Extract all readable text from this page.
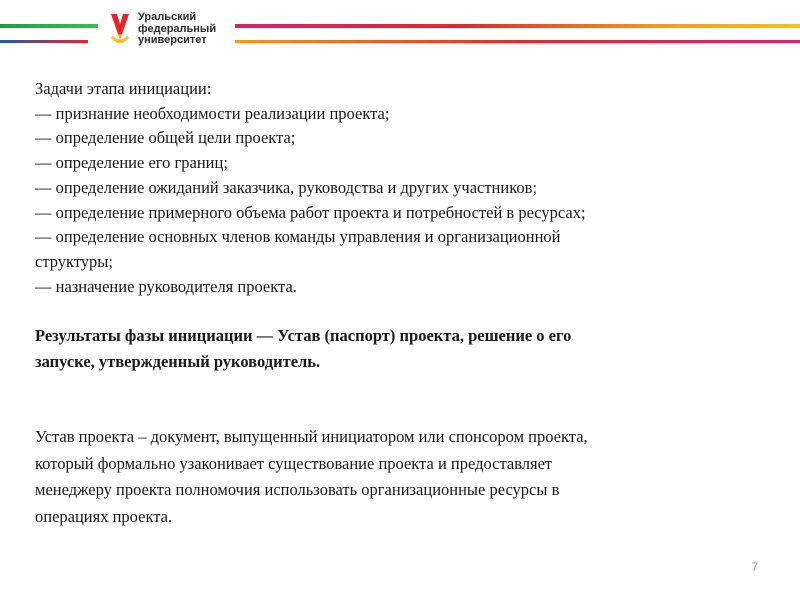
Уральский
федеральный
университет

Задачи этапа инициации:
— признание необходимости реализации проекта;
— определение общей цели проекта;
— определение его границ;
— определение ожиданий заказчика, руководства и других участников;
— определение примерного объема работ проекта и потребностей в ресурсах;
— определение основных членов команды управления и организационной
структуры;
— назначение руководителя проекта.

Результаты фазы инициации — Устав (паспорт) проекта, решение о его
запуске, утвержденный руководитель.

Устав проекта – документ, выпущенный инициатором или спонсором проекта,
который формально узаконивает существование проекта и предоставляет
менеджеру проекта полномочия использовать организационные ресурсы в
операциях проекта.

7
